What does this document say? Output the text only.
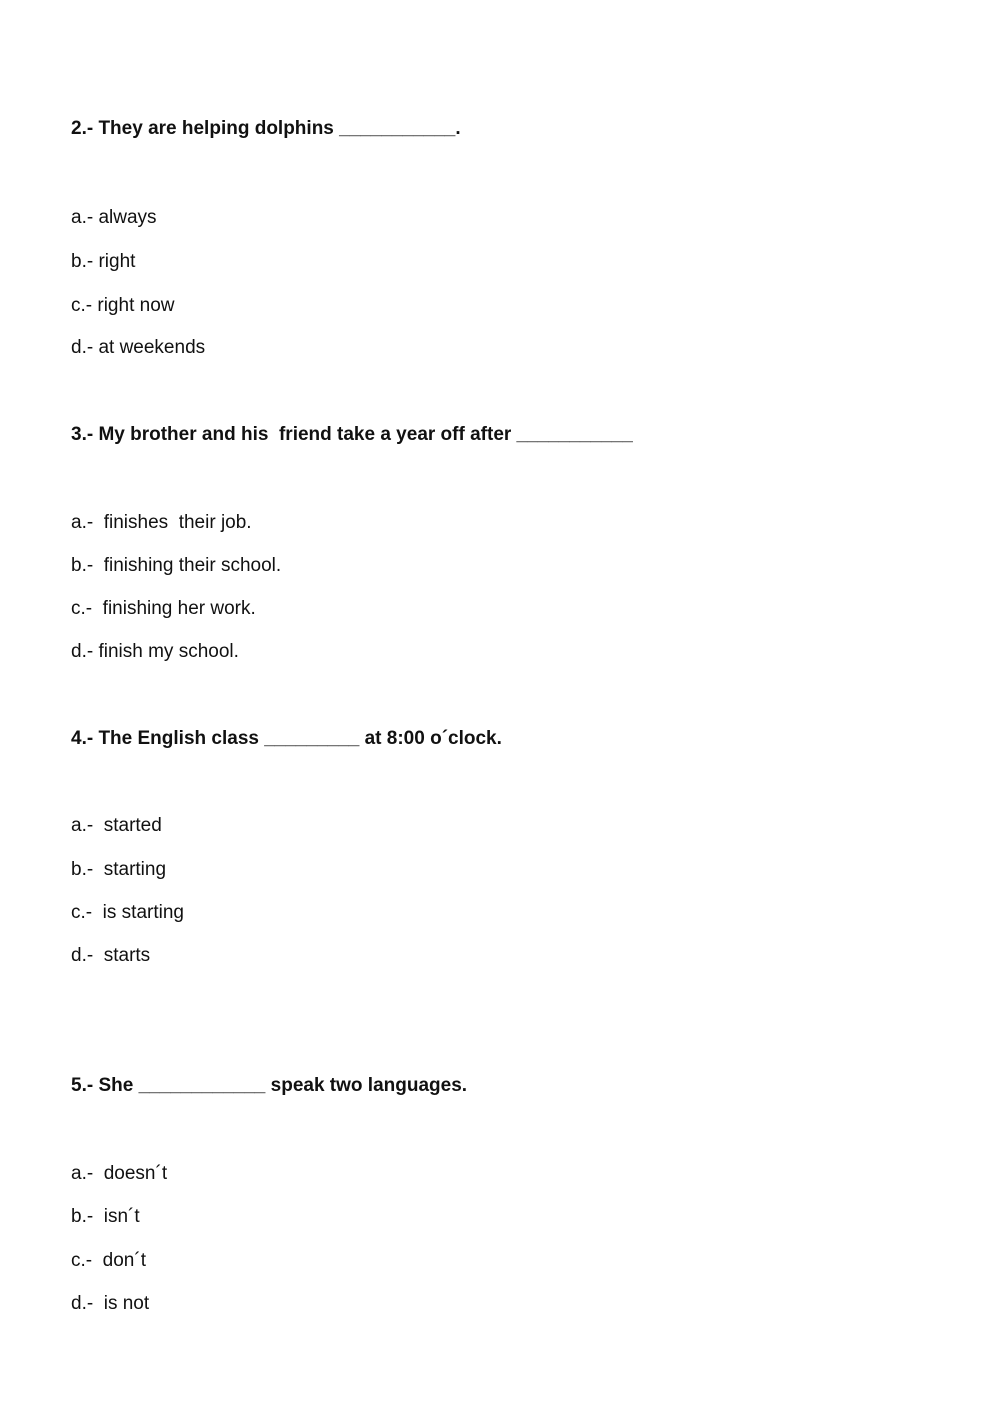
2.- They are helping dolphins ___________.
a.- always
b.- right
c.- right now
d.- at weekends
3.- My brother and his  friend take a year off after ___________
a.-  finishes  their job.
b.-  finishing their school.
c.-  finishing her work.
d.- finish my school.
4.- The English class _________ at 8:00 o´clock.
a.-  started
b.-  starting
c.-  is starting
d.-  starts
5.- She ____________ speak two languages.
a.-  doesn´t
b.-  isn´t
c.-  don´t
d.-  is not
